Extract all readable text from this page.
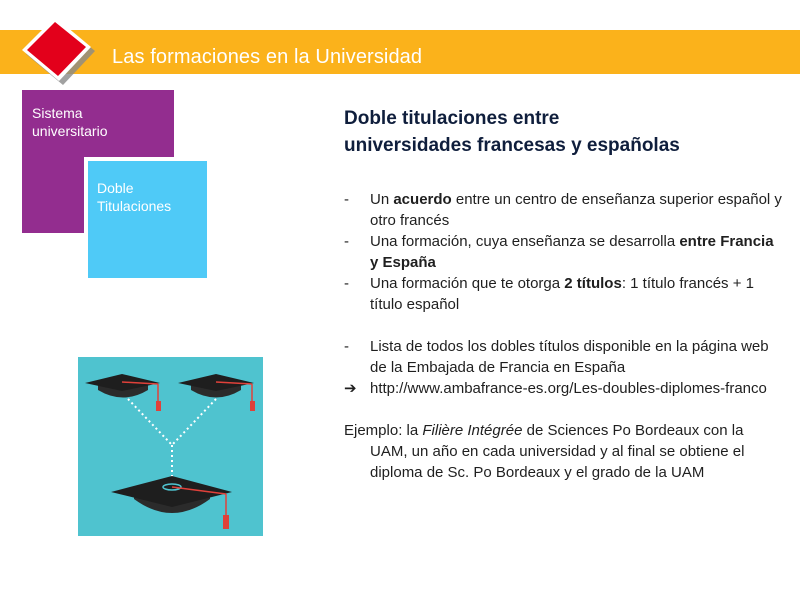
Las formaciones en la Universidad
Sistema
universitario
Doble
Titulaciones
Doble titulaciones entre
universidades francesas y españolas
-	Un acuerdo entre un centro de enseñanza superior español y otro francés
-	Una formación, cuya enseñanza se desarrolla entre Francia y España
-	Una formación que te otorga 2 títulos: 1 título francés + 1 título español
-	Lista de todos los dobles títulos disponible en la página web de la Embajada de Francia en España
➔ http://www.ambafrance-es.org/Les-doubles-diplomes-franco
Ejemplo: la Filière Intégrée de Sciences Po Bordeaux con la UAM, un año en cada universidad y al final se obtiene el diploma de Sc. Po Bordeaux y el grado de la UAM
